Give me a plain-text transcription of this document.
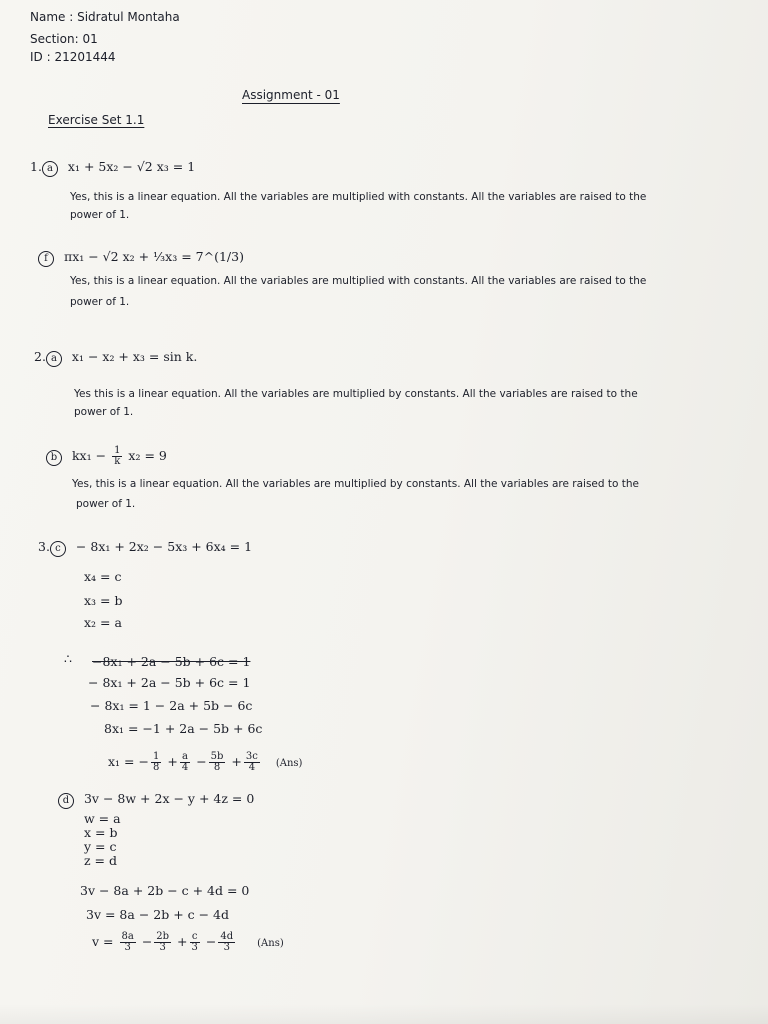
Name : Sidratul Montaha
Section: 01
ID : 21201444
Assignment - 01
Exercise Set 1.1
1. a x₁ + 5x₂ − √2 x₃ = 1
Yes, this is a linear equation. All the variables are multiplied with constants. All the variables are raised to the
power of 1.
f πx₁ − √2 x₂ + ⅓x₃ = 7^(1/3)
Yes, this is a linear equation. All the variables are multiplied with constants. All the variables are raised to the
power of 1.
2. a x₁ − x₂ + x₃ = sin k.
Yes this is a linear equation. All the variables are multiplied by constants. All the variables are raised to the
power of 1.
b $kx_1 - \frac{1}{k} x_2 = 9$
Yes, this is a linear equation. All the variables are multiplied by constants. All the variables are raised to the
power of 1.
3. c − 8x₁ + 2x₂ − 5x₃ + 6x₄ = 1
x₄ = c
x₃ = b
x₂ = a
∴ −8x₁ + 2a − 5b + 6c = 1
− 8x₁ + 2a − 5b + 6c = 1
− 8x₁ = 1 − 2a + 5b − 6c
8x₁ = −1 + 2a − 5b + 6c
x₁ = − $\frac{1}{8} + \frac{a}{4} - \frac{5b}{8} + \frac{3c}{4} (Ans)$
d 3v − 8w + 2x − y + 4z = 0
w = a
x = b
y = c
z = d
3v − 8a + 2b − c + 4d = 0
3v = 8a − 2b + c − 4d
$v = \frac{8a}{3} - \frac{2b}{3} + \frac{c}{3} - \frac{4d}{3} (Ans)$
